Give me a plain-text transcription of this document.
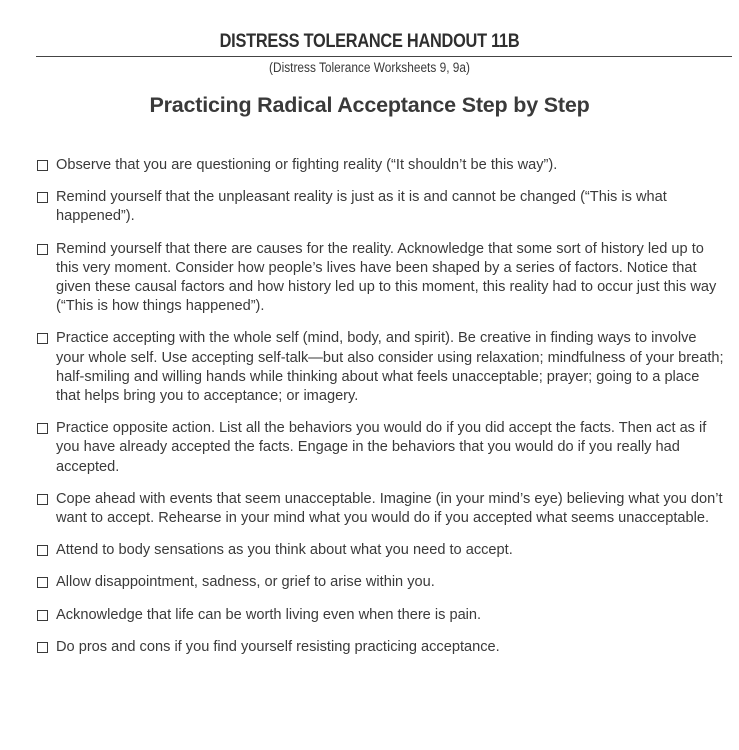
DISTRESS TOLERANCE HANDOUT 11B
(Distress Tolerance Worksheets 9, 9a)
Practicing Radical Acceptance Step by Step
Observe that you are questioning or fighting reality (“It shouldn’t be this way”).
Remind yourself that the unpleasant reality is just as it is and cannot be changed (“This is what happened”).
Remind yourself that there are causes for the reality. Acknowledge that some sort of history led up to this very moment. Consider how people’s lives have been shaped by a series of factors. Notice that given these causal factors and how history led up to this moment, this reality had to occur just this way (“This is how things happened”).
Practice accepting with the whole self (mind, body, and spirit). Be creative in finding ways to involve your whole self. Use accepting self-talk—but also consider using relaxation; mindfulness of your breath; half-smiling and willing hands while thinking about what feels unacceptable; prayer; going to a place that helps bring you to acceptance; or imagery.
Practice opposite action. List all the behaviors you would do if you did accept the facts. Then act as if you have already accepted the facts. Engage in the behaviors that you would do if you really had accepted.
Cope ahead with events that seem unacceptable. Imagine (in your mind’s eye) believing what you don’t want to accept. Rehearse in your mind what you would do if you accepted what seems unacceptable.
Attend to body sensations as you think about what you need to accept.
Allow disappointment, sadness, or grief to arise within you.
Acknowledge that life can be worth living even when there is pain.
Do pros and cons if you find yourself resisting practicing acceptance.
